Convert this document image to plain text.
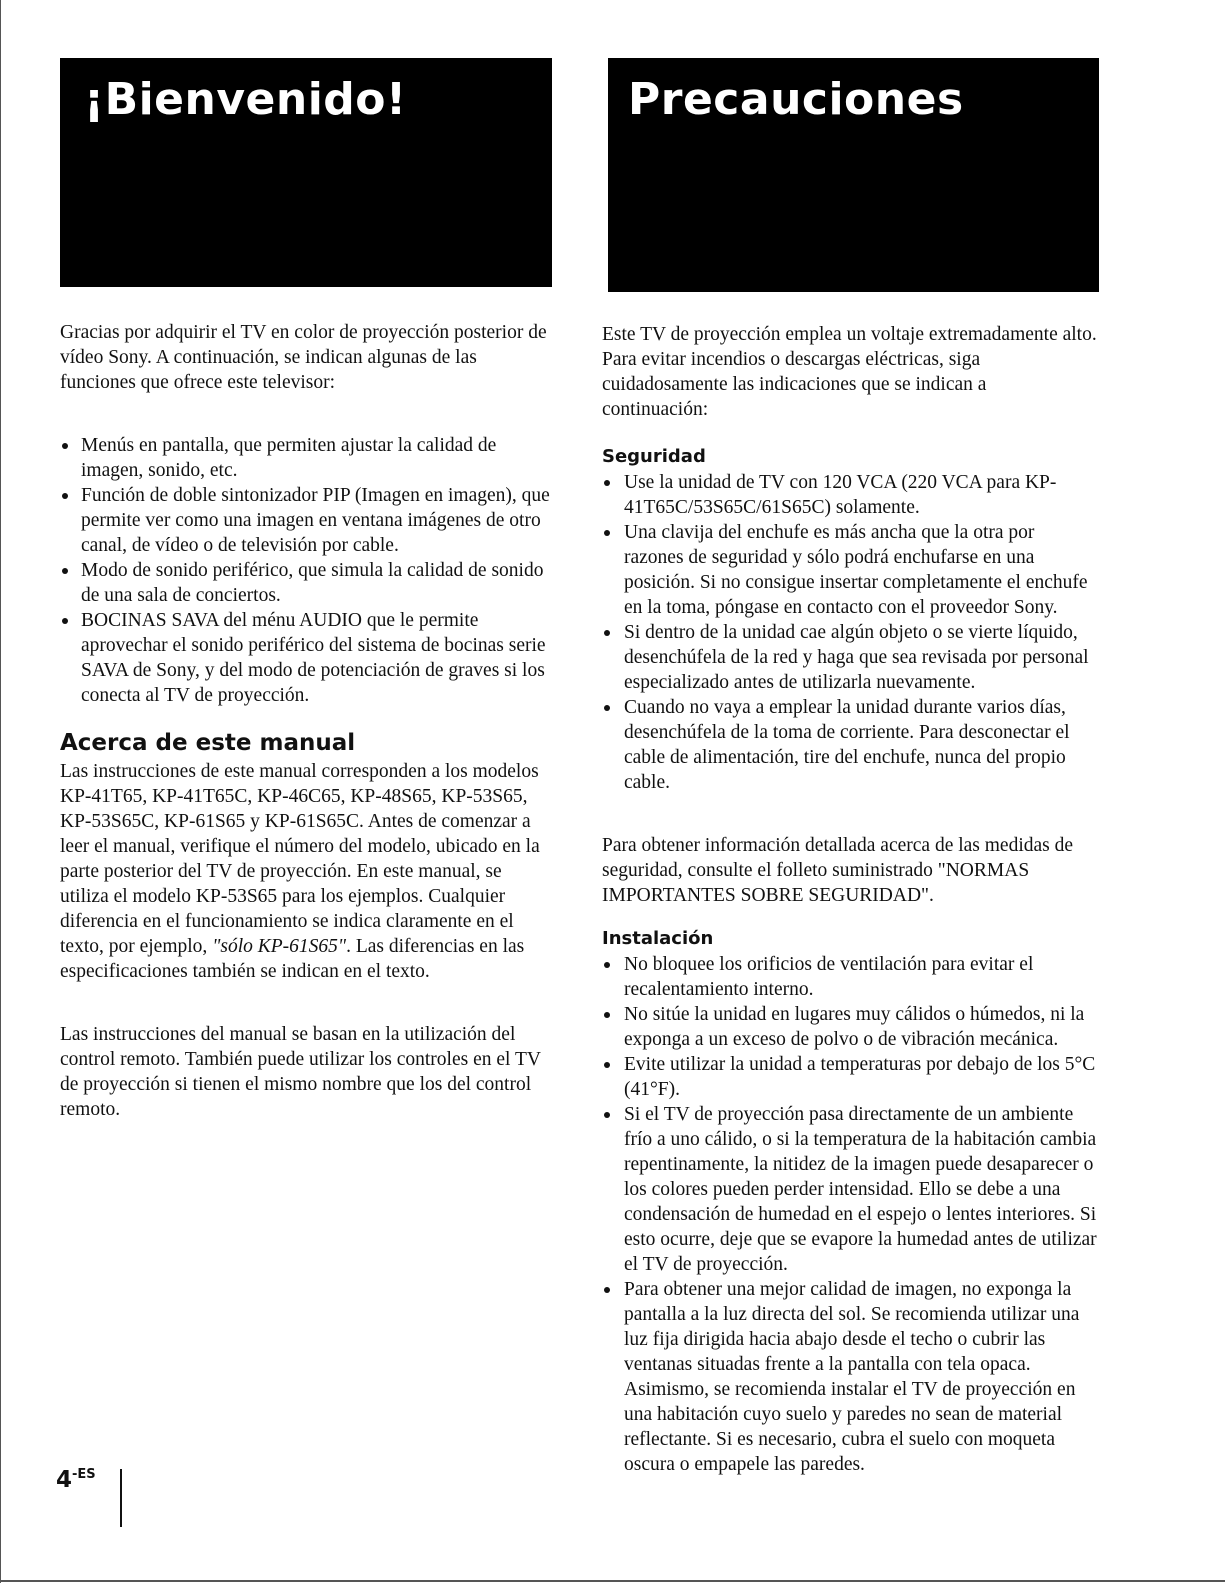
¡Bienvenido!	Precauciones

Gracias por adquirir el TV en color de proyección posterior de vídeo Sony. A continuación, se indican algunas de las funciones que ofrece este televisor:

Menús en pantalla, que permiten ajustar la calidad de imagen, sonido, etc.
Función de doble sintonizador PIP (Imagen en imagen), que permite ver como una imagen en ventana imágenes de otro canal, de vídeo o de televisión por cable.
Modo de sonido periférico, que simula la calidad de sonido de una sala de conciertos.
BOCINAS SAVA del ménu AUDIO que le permite aprovechar el sonido periférico del sistema de bocinas serie SAVA de Sony, y del modo de potenciación de graves si los conecta al TV de proyección.
Acerca de este manual

Las instrucciones de este manual corresponden a los modelos KP-41T65, KP-41T65C, KP-46C65, KP-48S65, KP-53S65, KP-53S65C, KP-61S65 y KP-61S65C. Antes de comenzar a leer el manual, verifique el número del modelo, ubicado en la parte posterior del TV de proyección. En este manual, se utiliza el modelo KP-53S65 para los ejemplos. Cualquier diferencia en el funcionamiento se indica claramente en el texto, por ejemplo, "sólo KP-61S65". Las diferencias en las especificaciones también se indican en el texto.

Las instrucciones del manual se basan en la utilización del control remoto. También puede utilizar los controles en el TV de proyección si tienen el mismo nombre que los del control remoto.

Este TV de proyección emplea un voltaje extremadamente alto. Para evitar incendios o descargas eléctricas, siga cuidadosamente las indicaciones que se indican a continuación:

Seguridad
Use la unidad de TV con 120 VCA (220 VCA para KP-41T65C/53S65C/61S65C) solamente.
Una clavija del enchufe es más ancha que la otra por razones de seguridad y sólo podrá enchufarse en una posición. Si no consigue insertar completamente el enchufe en la toma, póngase en contacto con el proveedor Sony.
Si dentro de la unidad cae algún objeto o se vierte líquido, desenchúfela de la red y haga que sea revisada por personal especializado antes de utilizarla nuevamente.
Cuando no vaya a emplear la unidad durante varios días, desenchúfela de la toma de corriente. Para desconectar el cable de alimentación, tire del enchufe, nunca del propio cable.

Para obtener información detallada acerca de las medidas de seguridad, consulte el folleto suministrado "NORMAS IMPORTANTES SOBRE SEGURIDAD".

Instalación
No bloquee los orificios de ventilación para evitar el recalentamiento interno.
No sitúe la unidad en lugares muy cálidos o húmedos, ni la exponga a un exceso de polvo o de vibración mecánica.
Evite utilizar la unidad a temperaturas por debajo de los 5°C (41°F).
Si el TV de proyección pasa directamente de un ambiente frío a uno cálido, o si la temperatura de la habitación cambia repentinamente, la nitidez de la imagen puede desaparecer o los colores pueden perder intensidad. Ello se debe a una condensación de humedad en el espejo o lentes interiores. Si esto ocurre, deje que se evapore la humedad antes de utilizar el TV de proyección.
Para obtener una mejor calidad de imagen, no exponga la pantalla a la luz directa del sol. Se recomienda utilizar una luz fija dirigida hacia abajo desde el techo o cubrir las ventanas situadas frente a la pantalla con tela opaca. Asimismo, se recomienda instalar el TV de proyección en una habitación cuyo suelo y paredes no sean de material reflectante. Si es necesario, cubra el suelo con moqueta oscura o empapele las paredes.
$4^{-ES}$
